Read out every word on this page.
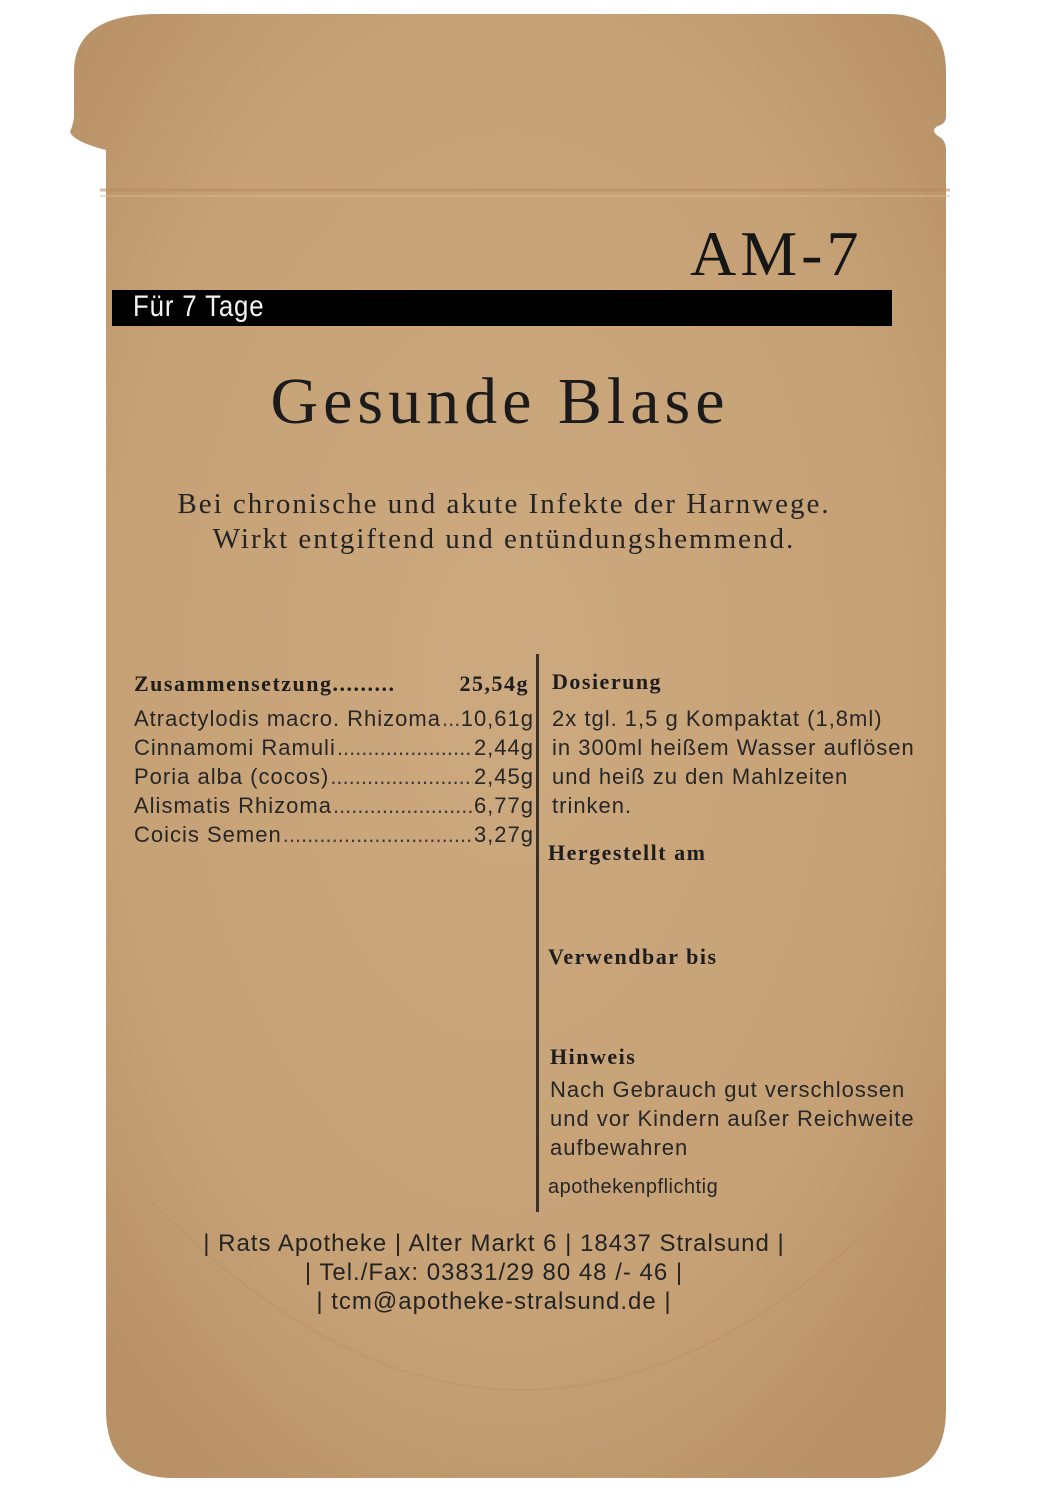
AM-7
Für 7 Tage
Gesunde Blase
Bei chronische und akute Infekte der Harnwege.
Wirkt entgiftend und entündungshemmend.
Zusammensetzung.........	25,54g
Atractylodis macro. Rhizoma ..... 10,61g
Cinnamomi Ramuli .....	2,44g
Poria alba (cocos) .....	2,45g
Alismatis Rhizoma .....	6,77g
Coicis Semen .....	3,27g
Dosierung
2x tgl. 1,5 g Kompaktat (1,8ml)
in 300ml heißem Wasser auflösen
und heiß zu den Mahlzeiten
trinken.
Hergestellt am
Verwendbar bis
Hinweis
Nach Gebrauch gut verschlossen
und vor Kindern außer Reichweite
aufbewahren
apothekenpflichtig
| Rats Apotheke | Alter Markt 6 | 18437 Stralsund |
| Tel./Fax: 03831/29 80 48 /- 46 |
| tcm@apotheke-stralsund.de |
